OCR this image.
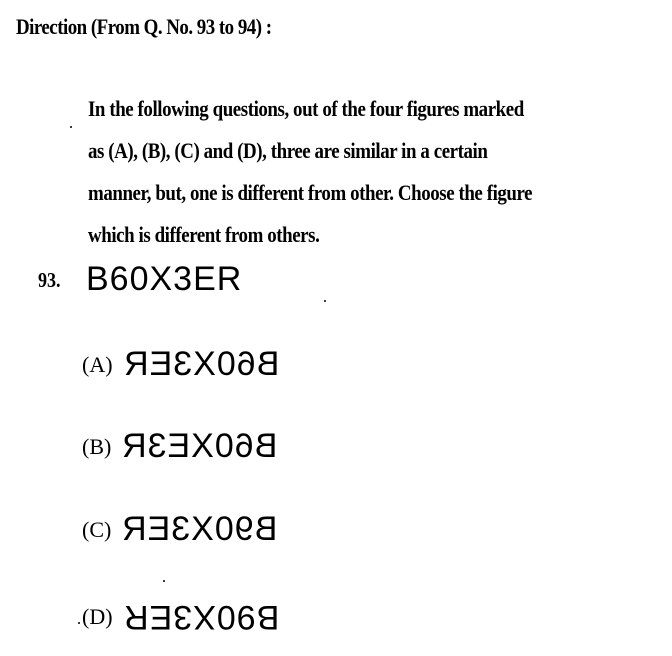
Direction (From Q. No. 93 to 94) :
In the following questions, out of the four figures marked
as (A), (B), (C) and (D), three are similar in a certain
manner, but, one is different from other. Choose the figure
which is different from others.
93. B60X3ER
(A) B60X3ER
(B) B60XE3R
(C) B90X3ER
(D) B90X3ER
